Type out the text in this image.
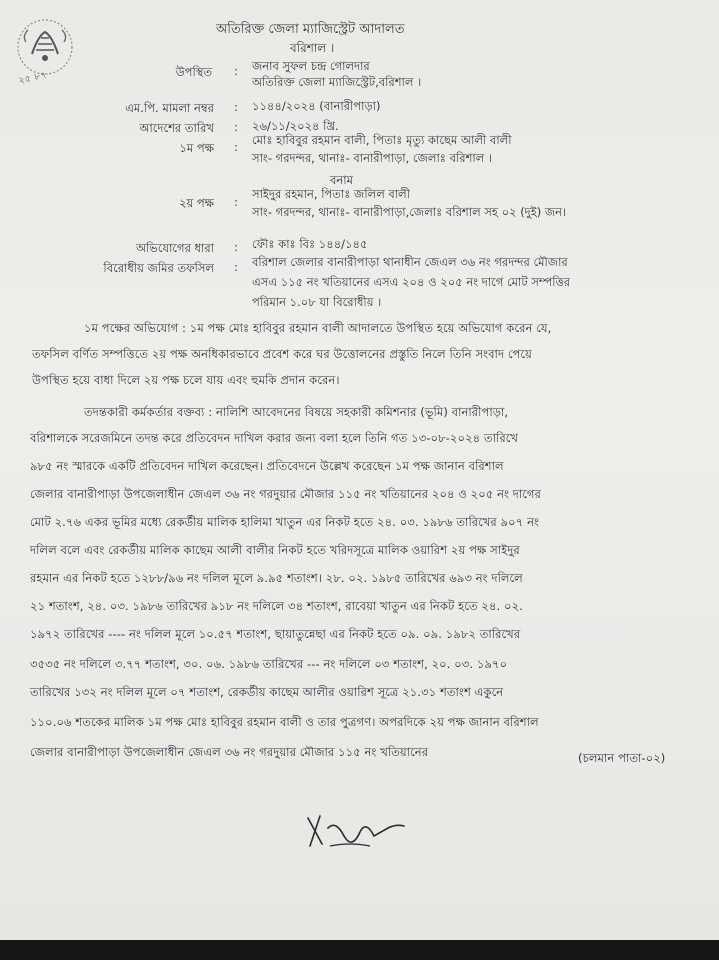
২৫ ৮৭
অতিরিক্ত জেলা ম্যাজিস্ট্রেট আদালত
বরিশাল ।
উপস্থিত : জনাব সুফল চন্দ্র গোলদার
অতিরিক্ত জেলা ম্যাজিস্ট্রেট,বরিশাল ।
এম.পি. মামলা নম্বর : ১১৪৪/২০২৪ (বানারীপাড়া)
আদেশের তারিখ : ২৬/১১/২০২৪ খ্রি.
১ম পক্ষ : মোঃ হাবিবুর রহমান বালী, পিতাঃ মৃত্যু কাছেম আলী বালী
সাং- গরদন্দর, থানাঃ- বানারীপাড়া, জেলাঃ বরিশাল ।
বনাম
২য় পক্ষ :
সাইদুর রহমান, পিতাঃ জলিল বালী
সাং- গরদন্দর, থানাঃ- বানারীপাড়া,জেলাঃ বরিশাল সহ ০২ (দুই) জন।
অভিযোগের ধারা : ফৌঃ কাঃ বিঃ ১৪৪/১৪৫
বিরোধীয় জমির তফসিল : বরিশাল জেলার বানারীপাড়া থানাধীন জেএল ৩৬ নং গরদন্দর মৌজার
এসএ ১১৫ নং খতিয়ানের এসএ ২০৪ ও ২০৫ নং দাগে মোট সম্পত্তির
পরিমান ১.০৮ যা বিরোধীয় ।
১ম পক্ষের অভিযোগ : ১ম পক্ষ মোঃ হাবিবুর রহমান বালী আদালতে উপস্থিত হয়ে অভিযোগ করেন যে,
তফসিল বর্ণিত সম্পত্তিতে ২য় পক্ষ অনধিকারভাবে প্রবেশ করে ঘর উত্তোলনের প্রস্তুতি নিলে তিনি সংবাদ পেয়ে
উপস্থিত হয়ে বাধা দিলে ২য় পক্ষ চলে যায় এবং হুমকি প্রদান করেন।
তদন্তকারী কর্মকর্তার বক্তব্য : নালিশি আবেদনের বিষয়ে সহকারী কমিশনার (ভূমি) বানারীপাড়া,
বরিশালকে সরেজমিনে তদন্ত করে প্রতিবেদন দাখিল করার জন্য বলা হলে তিনি গত ১৩-০৮-২০২৪ তারিখে
৯৮৫ নং স্মারকে একটি প্রতিবেদন দাখিল করেছেন। প্রতিবেদনে উল্লেখ করেছেন ১ম পক্ষ জানান বরিশাল
জেলার বানারীপাড়া উপজেলাধীন জেএল ৩৬ নং গরদুয়ার মৌজার ১১৫ নং খতিয়ানের ২০৪ ও ২০৫ নং দাগের
মোট ২.৭৬ একর ভূমির মধ্যে রেকর্ডীয় মালিক হালিমা খাতুন এর নিকট হতে ২৪. ০৩. ১৯৮৬ তারিখের ৯০৭ নং
দলিল বলে এবং রেকর্ডীয় মালিক কাছেম আলী বালীর নিকট হতে খরিদসূত্রে মালিক ওয়ারিশ ২য় পক্ষ সাইদুর
রহমান এর নিকট হতে ১২৮৮/৯৬ নং দলিল মূলে ৯.৯৫ শতাংশ। ২৮. ০২. ১৯৮৫ তারিখের ৬৯৩ নং দলিলে
২১ শতাংশ, ২৪. ০৩. ১৯৮৬ তারিখের ৯১৮ নং দলিলে ৩৪ শতাংশ, রাবেয়া খাতুন এর নিকট হতে ২৪. ০২.
১৯৭২ তারিখের ---- নং দলিল মূলে ১০.৫৭ শতাংশ, ছায়াতুন্নেছা এর নিকট হতে ০৯. ০৯. ১৯৮২ তারিখের
৩৫৩৫ নং দলিলে ৩.৭৭ শতাংশ, ৩০. ০৬. ১৯৮৬ তারিখের --- নং দলিলে ০৩ শতাংশ, ২০. ০৩. ১৯৭০
তারিখের ১৩২ নং দলিল মূলে ০৭ শতাংশ, রেকর্ডীয় কাছেম আলীর ওয়ারিশ সূত্রে ২১.৩১ শতাংশ একুনে
১১০.০৬ শতকের মালিক ১ম পক্ষ মোঃ হাবিবুর রহমান বালী ও তার পুত্রগণ। অপরদিকে ২য় পক্ষ জানান বরিশাল
জেলার বানারীপাড়া উপজেলাধীন জেএল ৩৬ নং গরদুয়ার মৌজার ১১৫ নং খতিয়ানের	(চলমান পাতা-০২)
